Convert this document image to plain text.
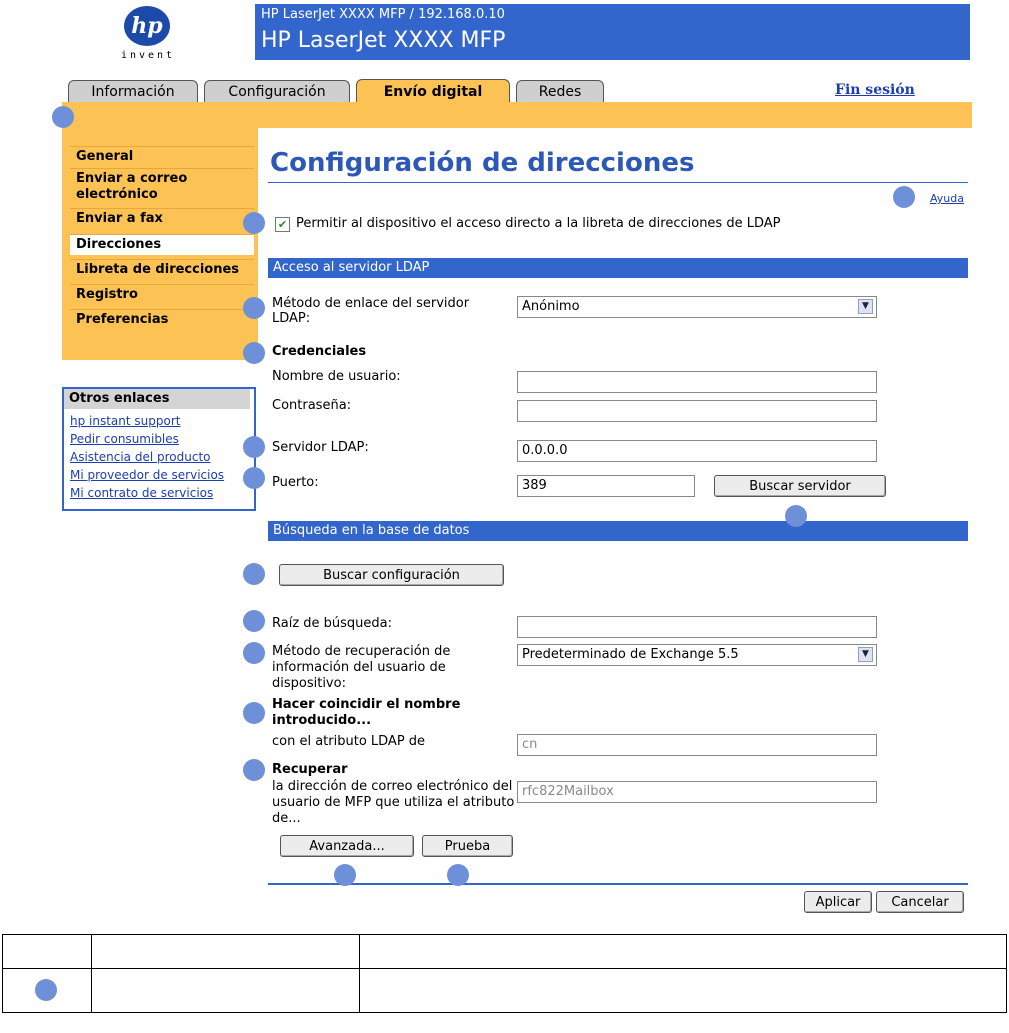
hp
invent
HP LaserJet XXXX MFP / 192.168.0.10
HP LaserJet XXXX MFP
Información	Configuración	Envío digital	Redes	Fin sesión
General
Enviar a correo electrónico
Enviar a fax
Direcciones
Libreta de direcciones
Registro
Preferencias
Otros enlaces
hp instant support
Pedir consumibles
Asistencia del producto
Mi proveedor de servicios
Mi contrato de servicios
Configuración de direcciones
Ayuda
✔ Permitir al dispositivo el acceso directo a la libreta de direcciones de LDAP
Acceso al servidor LDAP
Método de enlace del servidor LDAP:
Anónimo	▼
Credenciales
Nombre de usuario:
Contraseña:
Servidor LDAP:	0.0.0.0
Puerto:	389	Buscar servidor
Búsqueda en la base de datos
Buscar configuración
Raíz de búsqueda:
Método de recuperación de información del usuario de dispositivo:
Predeterminado de Exchange 5.5	▼
Hacer coincidir el nombre introducido...
con el atributo LDAP de	cn
Recuperar
la dirección de correo electrónico del usuario de MFP que utiliza el atributo de...
rfc822Mailbox
Avanzada...	Prueba
Aplicar	Cancelar
